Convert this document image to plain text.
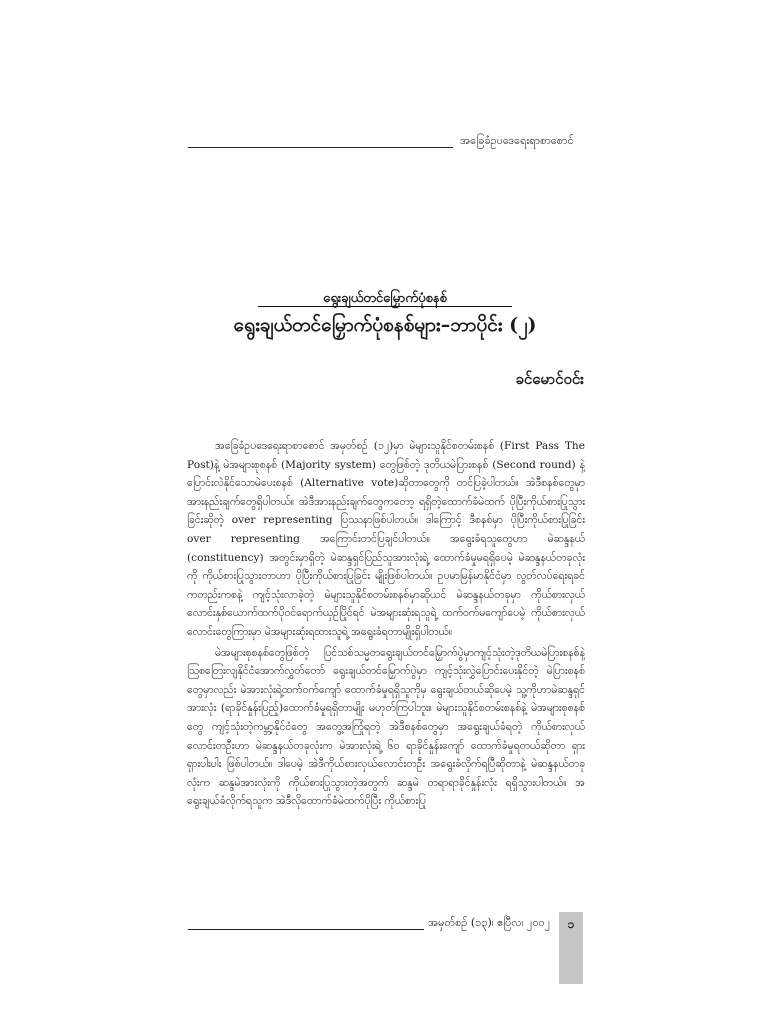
အခြေခံဥပဒေရေးရာစာစောင်
ရွေးချယ်တင်မြှောက်ပုံစနစ်
ရွေးချယ်တင်မြှောက်ပုံစနစ်များ–ဘာပိုင်း (၂)
ခင်မောင်ဝင်း

အခြေခံဥပဒေရေးရာစာစောင် အမှတ်စဉ် (၁၂)မှာ မဲများသူနိုင်စတမ်းစနစ် (First Pass The Post)နဲ့ မဲအများစုစနစ် (Majority system) တွေဖြစ်တဲ့ ဒုတိယမဲပြားစနစ် (Second round) နဲ့ ပြောင်းလဲနိုင်သောမဲပေးစနစ် (Alternative vote)ဆိုတာတွေကို တင်ပြခဲ့ပါတယ်။ အဲဒီစနစ်တွေမှာ အားနည်းချက်တွေရှိပါတယ်။ အဲဒီအားနည်းချက်တွေကတော့ ရရှိတဲ့ထောက်ခံမဲထက် ပိုပြီးကိုယ်စားပြုသွားခြင်းဆိုတဲ့ over representing ပြဿနာဖြစ်ပါတယ်။ ဒါကြောင့် ဒီစနစ်မှာ ပိုပြီးကိုယ်စားပြုခြင်း over representing အကြောင်းတင်ပြချင်ပါတယ်။ အရွေးခံရသူတွေဟာ မဲဆန္ဒနယ် (constituency) အတွင်းမှာရှိတဲ့ မဲဆန္ဒရှင်ပြည်သူအားလုံးရဲ့ ထောက်ခံမှုမရရှိပေမဲ့ မဲဆန္ဒနယ်တခုလုံးကို ကိုယ်စားပြုသွားတာဟာ ပိုပြီးကိုယ်စားပြုခြင်း မျိုးဖြစ်ပါတယ်။ ဥပမာမြန်မာနိုင်ငံမှာ လွတ်လပ်ရေးရခင်ကတည်းကစနဲ့ ကျင့်သုံးလာခဲ့တဲ့ မဲများသူနိုင်စတမ်းစနစ်မှာဆိုယင် မဲဆန္ဒနယ်တခုမှာ ကိုယ်စားလှယ်လောင်းနှစ်ယောက်ထက်ပိုဝင်ရောက်ယှဉ်ပြိုင်ရင် မဲအများဆုံးရသူရဲ့ ထက်ဝက်မကျော်ပေမဲ့ ကိုယ်စားလှယ်လောင်းတွေကြားမှာ မဲအများဆုံးရထားသူရဲ့ အရွေးခံရတာမျိုးရှိပါတယ်။

မဲအများစုစနစ်တွေဖြစ်တဲ့ ပြင်သစ်သမ္မတရွေးချယ်တင်မြှောက်ပွဲမှာကျင့်သုံးတဲ့ဒုတိယမဲပြားစနစ်နဲ့ ဩစတြေးလျနိုင်ငံအောက်လွှတ်တော် ရွေးချယ်တင်မြှောက်ပွဲမှာ ကျင့်သုံးလွှဲပြောင်းပေးနိုင်တဲ့ မဲပြားစနစ်တွေမှာလည်း မဲအားလုံးရဲ့ထက်ဝက်ကျော် ထောက်ခံမှုရရှိသူကိုမှ ရွေးချယ်တယ်ဆိုပေမဲ့ သူ့ကိုဟာမဲဆန္ဒရှင်အားလုံး (ရာခိုင်နှုန်းပြည့်)ထောက်ခံမှုရရှိတာမျိုး မဟုတ်ကြပါဘူး။ မဲများသူနိုင်စတမ်းစနစ်နဲ့ မဲအများစုစနစ်တွေ ကျင့်သုံးတဲ့ကမ္ဘာ့နိုင်ငံတွေ အတွေ့အကြုံရတဲ့ အဲဒီစနစ်တွေမှာ အရွေးချယ်ခံရတဲ့ ကိုယ်စားလှယ်လောင်းတဦးဟာ မဲဆန္ဒနယ်တခုလုံးက မဲအားလုံးရဲ့ ၆၀ ရာခိုင်နှုန်းကျော် ထောက်ခံမှုရတယ်ဆိုတာ ရှားရှားပါးပါး ဖြစ်ပါတယ်။ ဒါပေမဲ့ အဲဒီကိုယ်စားလှယ်လောင်းတဦး အရွေးခံလိုက်ရပြီဆိုတာနဲ့ မဲဆန္ဒနယ်တခုလုံးက ဆန္ဒမဲအားလုံးကို ကိုယ်စားပြုသွားတဲ့အတွက် ဆန္ဒမဲ တရာရာခိုင်နှုန်းလုံး ရရှိသွားပါတယ်။ အရွေးချယ်ခံလိုက်ရသူက အဲဒီလိုထောက်ခံမဲထက်ပိုပြီး ကိုယ်စားပြု

အမှတ်စဉ် (၁၃)၊ ဧပြီလ၊ ၂၀၀၂	၁
